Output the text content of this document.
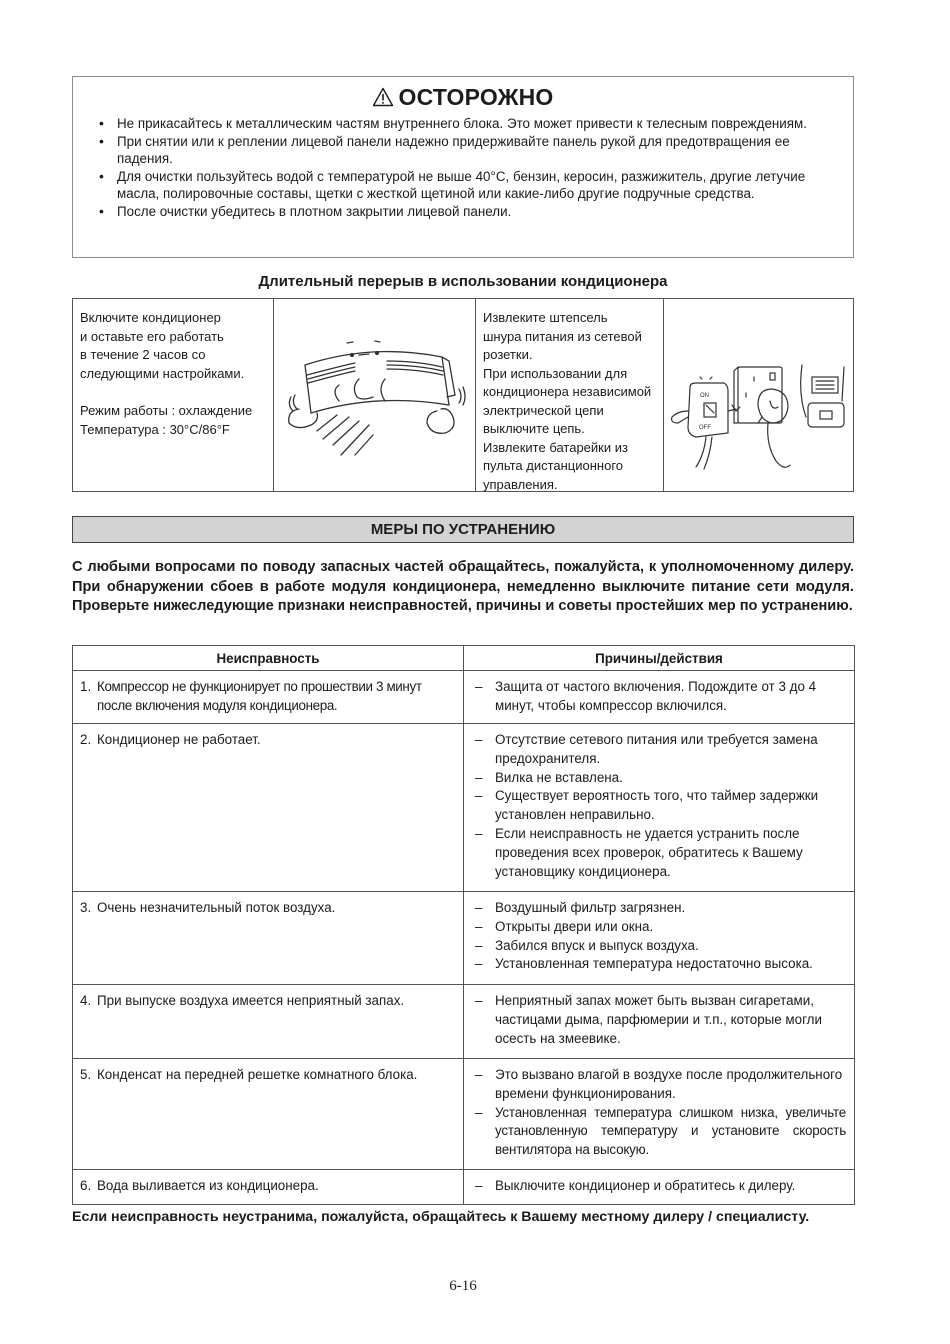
ОСТОРОЖНО
• Не прикасайтесь к металлическим частям внутреннего блока. Это может привести к телесным повреждениям.
• При снятии или к реплении лицевой панели надежно придерживайте панель рукой для предотвращения ее падения.
• Для очистки пользуйтесь водой с температурой не выше 40°C, бензин, керосин, разжижитель, другие летучие масла, полировочные составы, щетки с жесткой щетиной или какие-либо другие подручные средства.
• После очистки убедитесь в плотном закрытии лицевой панели.
Длительный перерыв в использовании кондиционера
Включите кондиционер
и оставьте его работать
в течение 2 часов со
следующими настройками.
Режим работы : охлаждение
Температура : 30°C/86°F
Извлеките штепсель
шнура питания из сетевой
розетки.
При использовании для
кондиционера независимой
электрической цепи
выключите цепь.
Извлеките батарейки из
пульта дистанционного
управления.
ON
OFF
МЕРЫ ПО УСТРАНЕНИЮ
С любыми вопросами по поводу запасных частей обращайтесь, пожалуйста, к уполномоченному дилеру. При обнаружении сбоев в работе модуля кондиционера, немедленно выключите питание сети модуля. Проверьте нижеследующие признаки неисправностей, причины и советы простейших мер по устранению.
Неисправность	Причины/действия

1. Компрессор не функционирует по прошествии 3 минут после включения модуля кондиционера.

– Защита от частого включения. Подождите от 3 до 4 минут, чтобы компрессор включился.

2. Кондиционер не работает.

–Отсутствие сетевого питания или требуется замена предохранителя.
– Вилка не вставлена.
– Существует вероятность того, что таймер задержки установлен неправильно.
– Если неисправность не удается устранить после проведения всех проверок, обратитесь к Вашему установщику кондиционера.

3. Очень незначительный поток воздуха.

–Воздушный фильтр загрязнен.
– Открыты двери или окна.
– Забился впуск и выпуск воздуха.
– Установленная температура недостаточно высока.

4. При выпуске воздуха имеется неприятный запах.

–Неприятный запах может быть вызван сигаретами, частицами дыма, парфюмерии и т.п., которые могли осесть на змеевике.

5. Конденсат на передней решетке комнатного блока.

–Это вызвано влагой в воздухе после продолжительного времени функционирования.
– Установленная температура слишком низка, увеличьте установленную температуру и установите скорость вентилятора на высокую.

6. Вода выливается из кондиционера.

–Выключите кондиционер и обратитесь к дилеру.
Если неисправность неустранима, пожалуйста, обращайтесь к Вашему местному дилеру / специалисту.
6-16
